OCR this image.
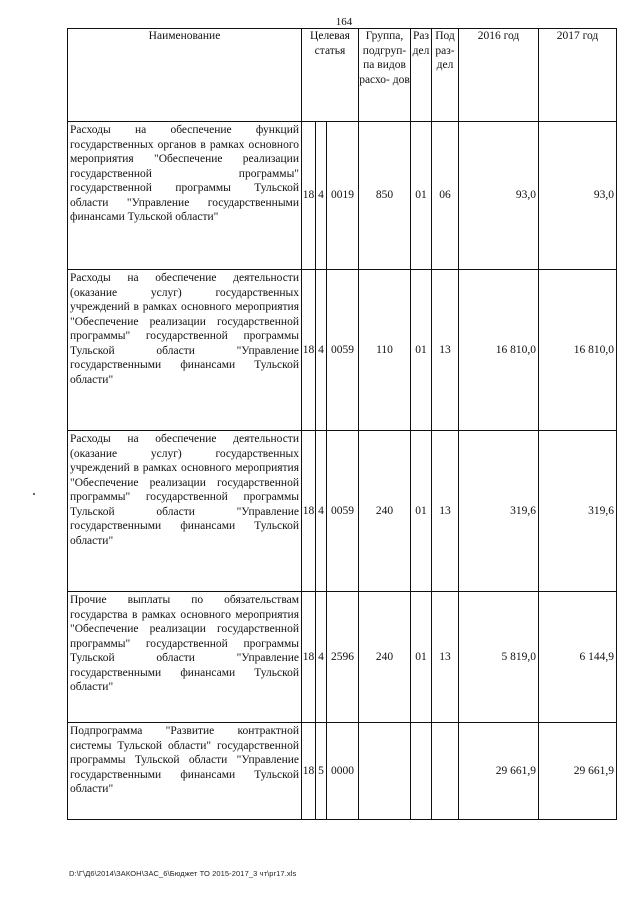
164
Наименование	Целевая статья			Группа, подгруп- па видов расхо- дов	Раз дел	Под раз- дел	2016 год	2017 год
Расходы на обеспечение функций государственных органов в рамках основного мероприятия "Обеспечение реализации государственной программы" государственной программы Тульской области "Управление государственными финансами Тульской области"	18	4	0019	850	01	06	93,0	93,0
Расходы на обеспечение деятельности (оказание услуг) государственных учреждений в рамках основного мероприятия "Обеспечение реализации государственной программы" государственной программы Тульской области "Управление государственными финансами Тульской области"	18	4	0059	110	01	13	16 810,0	16 810,0
Расходы на обеспечение деятельности (оказание услуг) государственных учреждений в рамках основного мероприятия "Обеспечение реализации государственной программы" государственной программы Тульской области "Управление государственными финансами Тульской области"	18	4	0059	240	01	13	319,6	319,6
Прочие выплаты по обязательствам государства в рамках основного мероприятия "Обеспечение реализации государственной программы" государственной программы Тульской области "Управление государственными финансами Тульской области"	18	4	2596	240	01	13	5 819,0	6 144,9
Подпрограмма "Развитие контрактной системы Тульской области" государственной программы Тульской области "Управление государственными финансами Тульской области"	18	5	0000				29 661,9	29 661,9
D:\Г\Д6\2014\ЗАКОН\ЗАС_6\Бюджет ТО 2015-2017_3 чт\pr17.xls
